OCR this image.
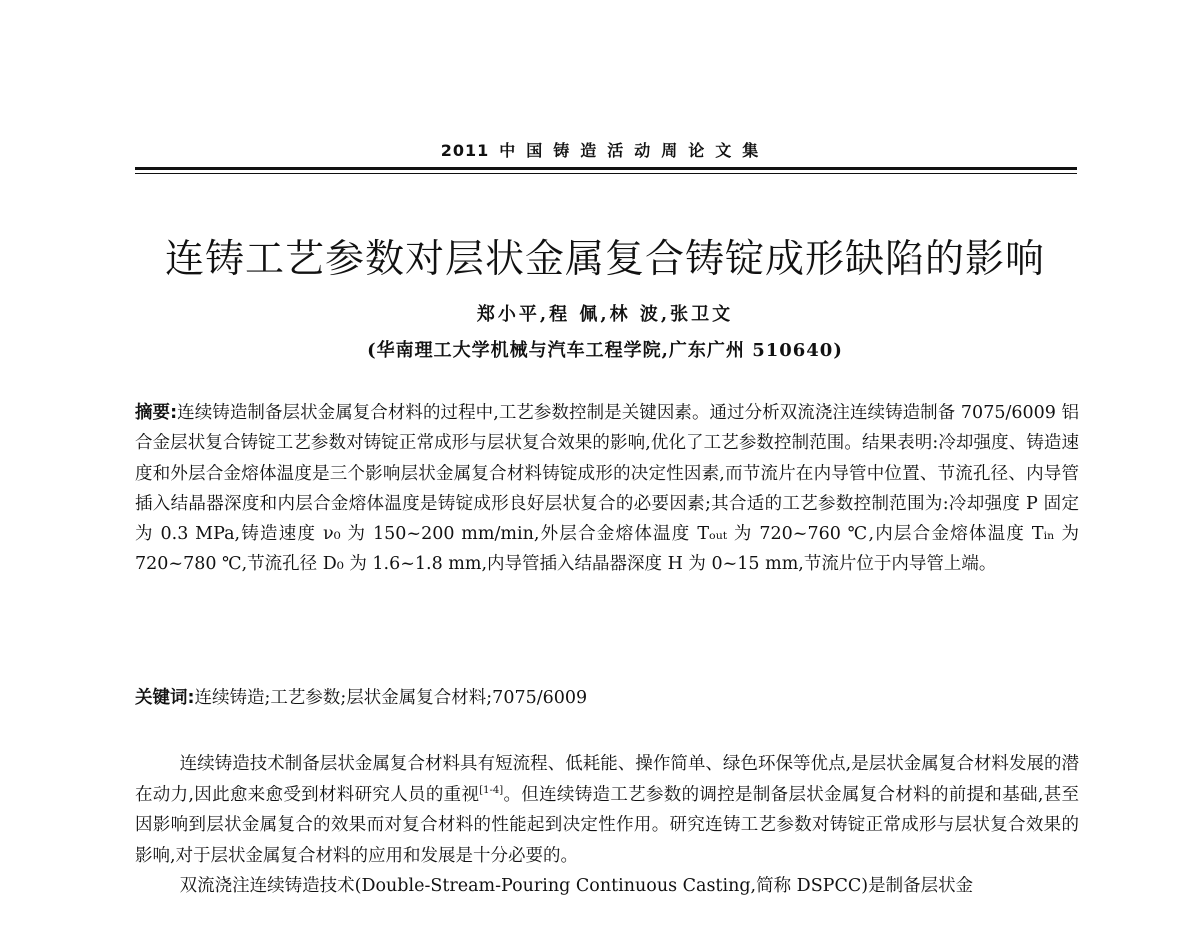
2011 中国铸造活动周论文集
连铸工艺参数对层状金属复合铸锭成形缺陷的影响
郑小平,程 佩,林 波,张卫文
(华南理工大学机械与汽车工程学院,广东广州 510640)
摘要:连续铸造制备层状金属复合材料的过程中,工艺参数控制是关键因素。通过分析双流浇注连续铸造制备 7075/6009 铝合金层状复合铸锭工艺参数对铸锭正常成形与层状复合效果的影响,优化了工艺参数控制范围。结果表明:冷却强度、铸造速度和外层合金熔体温度是三个影响层状金属复合材料铸锭成形的决定性因素,而节流片在内导管中位置、节流孔径、内导管插入结晶器深度和内层合金熔体温度是铸锭成形良好层状复合的必要因素;其合适的工艺参数控制范围为:冷却强度 P 固定为 0.3 MPa,铸造速度 ν₀ 为 150~200 mm/min,外层合金熔体温度 Tₒᵤₜ 为 720~760 ℃,内层合金熔体温度 Tᵢₙ 为 720~780 ℃,节流孔径 D₀ 为 1.6~1.8 mm,内导管插入结晶器深度 H 为 0~15 mm,节流片位于内导管上端。
关键词:连续铸造;工艺参数;层状金属复合材料;7075/6009

连续铸造技术制备层状金属复合材料具有短流程、低耗能、操作简单、绿色环保等优点,是层状金属复合材料发展的潜在动力,因此愈来愈受到材料研究人员的重视[1-4]。但连续铸造工艺参数的调控是制备层状金属复合材料的前提和基础,甚至因影响到层状金属复合的效果而对复合材料的性能起到决定性作用。研究连铸工艺参数对铸锭正常成形与层状复合效果的影响,对于层状金属复合材料的应用和发展是十分必要的。

双流浇注连续铸造技术(Double-Stream-Pouring Continuous Casting,简称 DSPCC)是制备层状金
